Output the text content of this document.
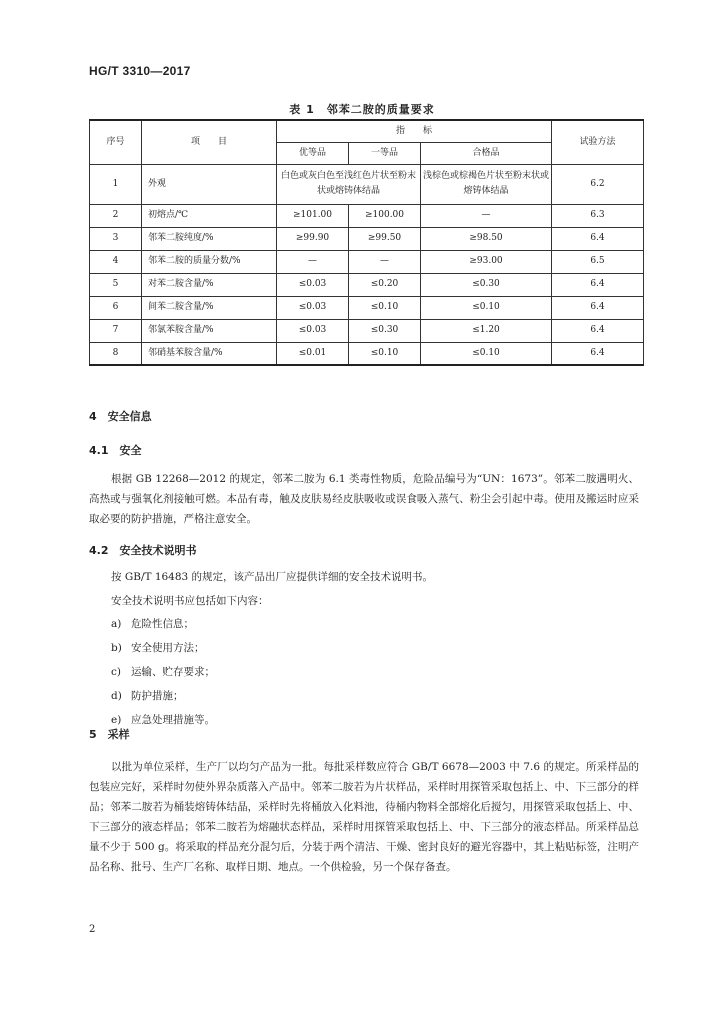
HG/T 3310—2017
表 1　邻苯二胺的质量要求
序号	项　　目	指　　标			试验方法
		优等品	一等品	合格品	
1	外观	白色或灰白色至浅红色片状至粉末状或熔铸体结晶		浅棕色或棕褐色片状至粉末状或熔铸体结晶	6.2
2	初熔点/℃	≥101.00	≥100.00	—	6.3
3	邻苯二胺纯度/%	≥99.90	≥99.50	≥98.50	6.4
4	邻苯二胺的质量分数/%	—	—	≥93.00	6.5
5	对苯二胺含量/%	≤0.03	≤0.20	≤0.30	6.4
6	间苯二胺含量/%	≤0.03	≤0.10	≤0.10	6.4
7	邻氯苯胺含量/%	≤0.03	≤0.30	≤1.20	6.4
8	邻硝基苯胺含量/%	≤0.01	≤0.10	≤0.10	6.4
4　安全信息
4.1　安全
根据 GB 12268—2012 的规定，邻苯二胺为 6.1 类毒性物质，危险品编号为“UN：1673”。邻苯二胺遇明火、高热或与强氧化剂接触可燃。本品有毒，触及皮肤易经皮肤吸收或误食吸入蒸气、粉尘会引起中毒。使用及搬运时应采取必要的防护措施，严格注意安全。
4.2　安全技术说明书
按 GB/T 16483 的规定，该产品出厂应提供详细的安全技术说明书。
安全技术说明书应包括如下内容：
a) 危险性信息；
b) 安全使用方法；
c) 运输、贮存要求；
d) 防护措施；
e) 应急处理措施等。
5　采样
以批为单位采样，生产厂以均匀产品为一批。每批采样数应符合 GB/T 6678—2003 中 7.6 的规定。所采样品的包装应完好，采样时勿使外界杂质落入产品中。邻苯二胺若为片状样品，采样时用探管采取包括上、中、下三部分的样品；邻苯二胺若为桶装熔铸体结晶，采样时先将桶放入化料池，待桶内物料全部熔化后搅匀，用探管采取包括上、中、下三部分的液态样品；邻苯二胺若为熔融状态样品，采样时用探管采取包括上、中、下三部分的液态样品。所采样品总量不少于 500 g。将采取的样品充分混匀后，分装于两个清洁、干燥、密封良好的避光容器中，其上粘贴标签，注明产品名称、批号、生产厂名称、取样日期、地点。一个供检验，另一个保存备查。
2
